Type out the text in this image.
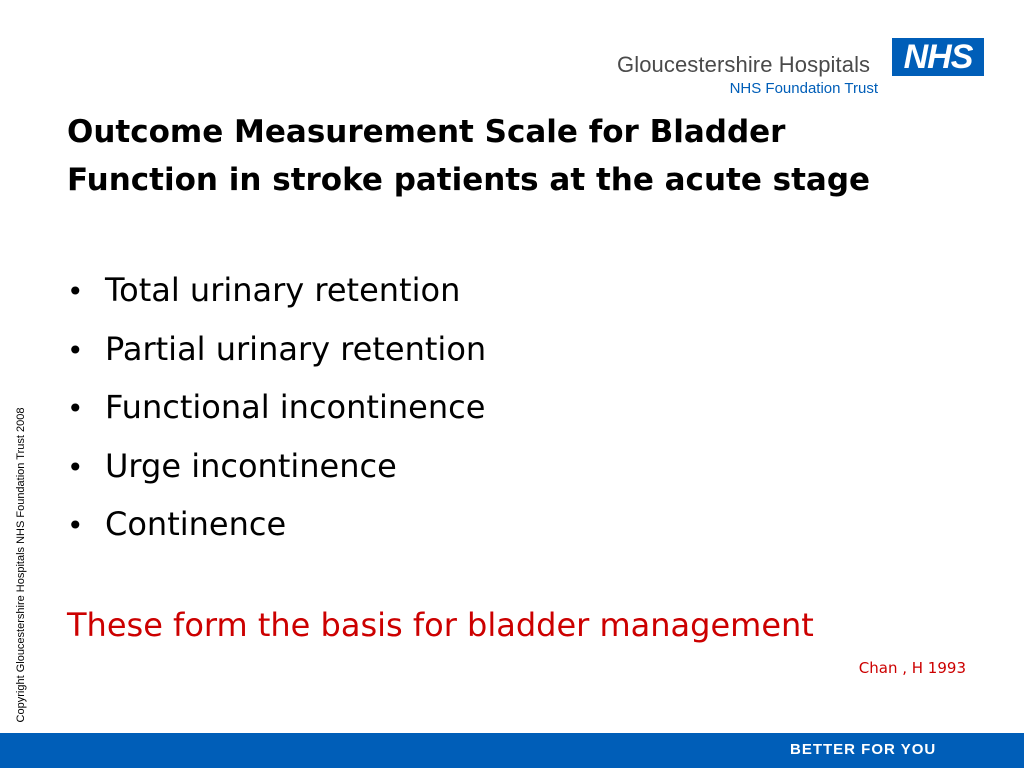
Gloucestershire Hospitals
NHS Foundation Trust
NHS
Outcome Measurement Scale for Bladder
Function in stroke patients at the acute stage
• Total urinary retention
• Partial urinary retention
• Functional incontinence
• Urge incontinence
• Continence
These form the basis for bladder management
Chan , H 1993
Copyright Gloucestershire Hospitals NHS Foundation Trust 2008
BETTER FOR YOU
